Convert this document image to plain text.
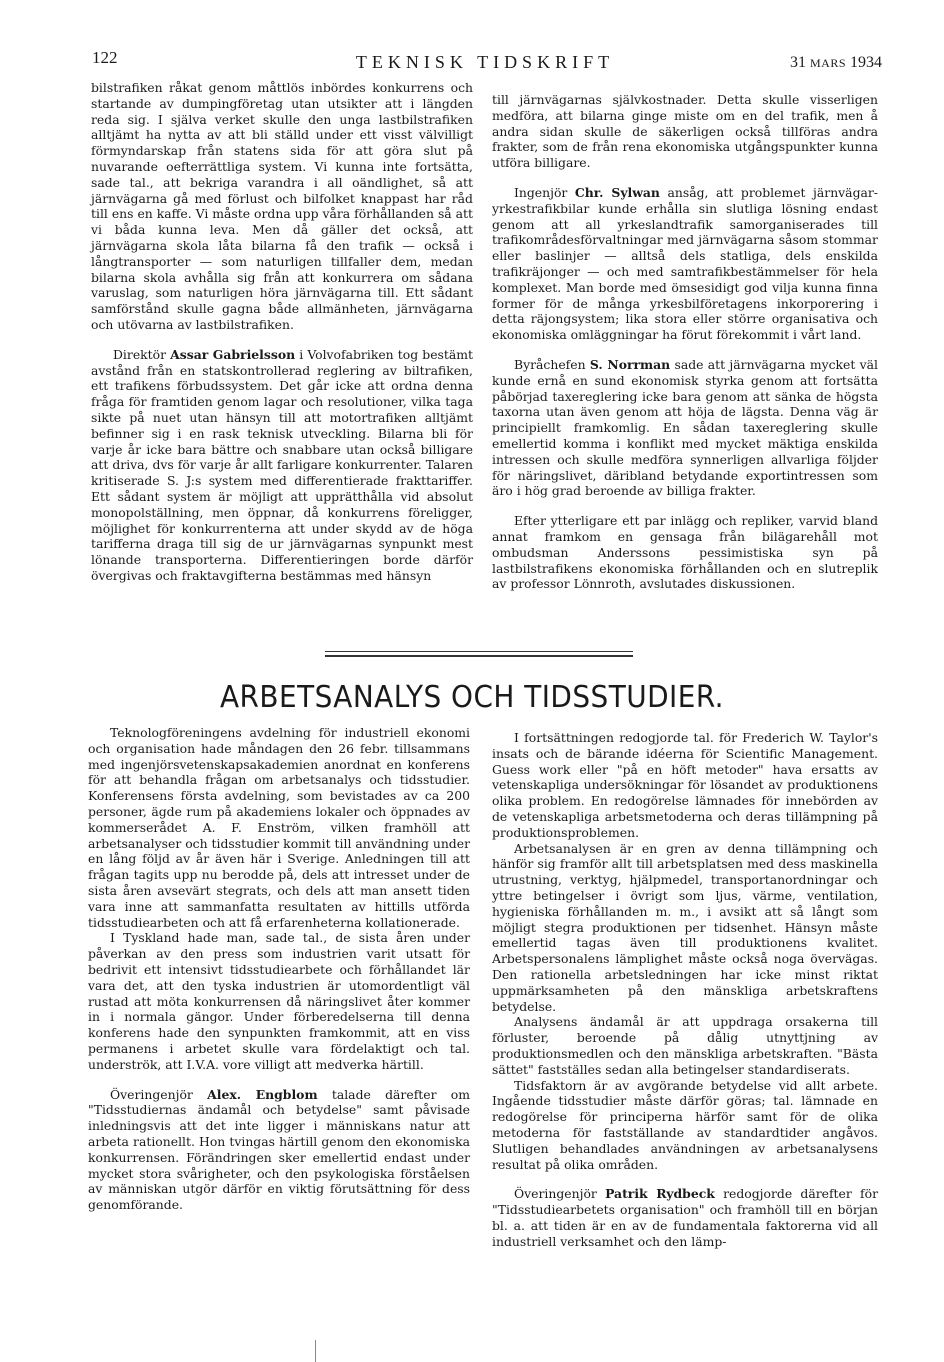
122	TEKNISK TIDSKRIFT	31 MARS 1934

bilstrafiken råkat genom måttlös inbördes konkurrens och startande av dumpingföretag utan utsikter att i längden reda sig. I själva verket skulle den unga lastbilstrafiken alltjämt ha nytta av att bli ställd under ett visst välvilligt förmyndarskap från statens sida för att göra slut på nuvarande oefterrättliga system. Vi kunna inte fortsätta, sade tal., att bekriga varandra i all oändlighet, så att järnvägarna gå med förlust och bilfolket knappast har råd till ens en kaffe. Vi måste ordna upp våra förhållanden så att vi båda kunna leva. Men då gäller det också, att järnvägarna skola låta bilarna få den trafik — också i långtransporter — som naturligen tillfaller dem, medan bilarna skola avhålla sig från att konkurrera om sådana varuslag, som naturligen höra järnvägarna till. Ett sådant samförstånd skulle gagna både allmänheten, järnvägarna och utövarna av lastbilstrafiken.

Direktör Assar Gabrielsson i Volvofabriken tog bestämt avstånd från en statskontrollerad reglering av biltrafiken, ett trafikens förbudssystem. Det går icke att ordna denna fråga för framtiden genom lagar och resolutioner, vilka taga sikte på nuet utan hänsyn till att motortrafiken alltjämt befinner sig i en rask teknisk utveckling. Bilarna bli för varje år icke bara bättre och snabbare utan också billigare att driva, dvs för varje år allt farligare konkurrenter. Talaren kritiserade S. J:s system med differentierade frakttariffer. Ett sådant system är möjligt att upprätthålla vid absolut monopolställning, men öppnar, då konkurrens föreligger, möjlighet för konkurrenterna att under skydd av de höga tarifferna draga till sig de ur järnvägarnas synpunkt mest lönande transporterna. Differentieringen borde därför övergivas och fraktavgifterna bestämmas med hänsyn

till järnvägarnas självkostnader. Detta skulle visserligen medföra, att bilarna ginge miste om en del trafik, men å andra sidan skulle de säkerligen också tillföras andra frakter, som de från rena ekonomiska utgångspunkter kunna utföra billigare.

Ingenjör Chr. Sylwan ansåg, att problemet järnvägar-yrkestrafikbilar kunde erhålla sin slutliga lösning endast genom att all yrkeslandtrafik samorganiserades till trafikområdesförvaltningar med järnvägarna såsom stommar eller baslinjer — alltså dels statliga, dels enskilda trafikräjonger — och med samtrafikbestämmelser för hela komplexet. Man borde med ömsesidigt god vilja kunna finna former för de många yrkesbilföretagens inkorporering i detta räjongsystem; lika stora eller större organisativa och ekonomiska omläggningar ha förut förekommit i vårt land.

Byråchefen S. Norrman sade att järnvägarna mycket väl kunde ernå en sund ekonomisk styrka genom att fortsätta påbörjad taxereglering icke bara genom att sänka de högsta taxorna utan även genom att höja de lägsta. Denna väg är principiellt framkomlig. En sådan taxereglering skulle emellertid komma i konflikt med mycket mäktiga enskilda intressen och skulle medföra synnerligen allvarliga följder för näringslivet, däribland betydande exportintressen som äro i hög grad beroende av billiga frakter.

Efter ytterligare ett par inlägg och repliker, varvid bland annat framkom en gensaga från bilägarehåll mot ombudsman Anderssons pessimistiska syn på lastbilstrafikens ekonomiska förhållanden och en slutreplik av professor Lönnroth, avslutades diskussionen.

ARBETSANALYS OCH TIDSSTUDIER.

Teknologföreningens avdelning för industriell ekonomi och organisation hade måndagen den 26 febr. tillsammans med ingenjörsvetenskapsakademien anordnat en konferens för att behandla frågan om arbetsanalys och tidsstudier. Konferensens första avdelning, som bevistades av ca 200 personer, ägde rum på akademiens lokaler och öppnades av kommerserådet A. F. Enström, vilken framhöll att arbetsanalyser och tidsstudier kommit till användning under en lång följd av år även här i Sverige. Anledningen till att frågan tagits upp nu berodde på, dels att intresset under de sista åren avsevärt stegrats, och dels att man ansett tiden vara inne att sammanfatta resultaten av hittills utförda tidsstudiearbeten och att få erfarenheterna kollationerade.

I Tyskland hade man, sade tal., de sista åren under påverkan av den press som industrien varit utsatt för bedrivit ett intensivt tidsstudiearbete och förhållandet lär vara det, att den tyska industrien är utomordentligt väl rustad att möta konkurrensen då näringslivet åter kommer in i normala gängor. Under förberedelserna till denna konferens hade den synpunkten framkommit, att en viss permanens i arbetet skulle vara fördelaktigt och tal. underströk, att I.V.A. vore villigt att medverka härtill.

Överingenjör Alex. Engblom talade därefter om "Tidsstudiernas ändamål och betydelse" samt påvisade inledningsvis att det inte ligger i människans natur att arbeta rationellt. Hon tvingas härtill genom den ekonomiska konkurrensen. Förändringen sker emellertid endast under mycket stora svårigheter, och den psykologiska förståelsen av människan utgör därför en viktig förutsättning för dess genomförande.

I fortsättningen redogjorde tal. för Frederich W. Taylor's insats och de bärande idéerna för Scientific Management. Guess work eller "på en höft metoder" hava ersatts av vetenskapliga undersökningar för lösandet av produktionens olika problem. En redogörelse lämnades för innebörden av de vetenskapliga arbetsmetoderna och deras tillämpning på produktionsproblemen.

Arbetsanalysen är en gren av denna tillämpning och hänför sig framför allt till arbetsplatsen med dess maskinella utrustning, verktyg, hjälpmedel, transportanordningar och yttre betingelser i övrigt som ljus, värme, ventilation, hygieniska förhållanden m. m., i avsikt att så långt som möjligt stegra produktionen per tidsenhet. Hänsyn måste emellertid tagas även till produktionens kvalitet. Arbetspersonalens lämplighet måste också noga övervägas. Den rationella arbetsledningen har icke minst riktat uppmärksamheten på den mänskliga arbetskraftens betydelse.

Analysens ändamål är att uppdraga orsakerna till förluster, beroende på dålig utnyttjning av produktionsmedlen och den mänskliga arbetskraften. "Bästa sättet" fastställes sedan alla betingelser standardiserats.

Tidsfaktorn är av avgörande betydelse vid allt arbete. Ingående tidsstudier måste därför göras; tal. lämnade en redogörelse för principerna härför samt för de olika metoderna för fastställande av standardtider angåvos. Slutligen behandlades användningen av arbetsanalysens resultat på olika områden.

Överingenjör Patrik Rydbeck redogjorde därefter för "Tidsstudiearbetets organisation" och framhöll till en början bl. a. att tiden är en av de fundamentala faktorerna vid all industriell verksamhet och den lämp-
